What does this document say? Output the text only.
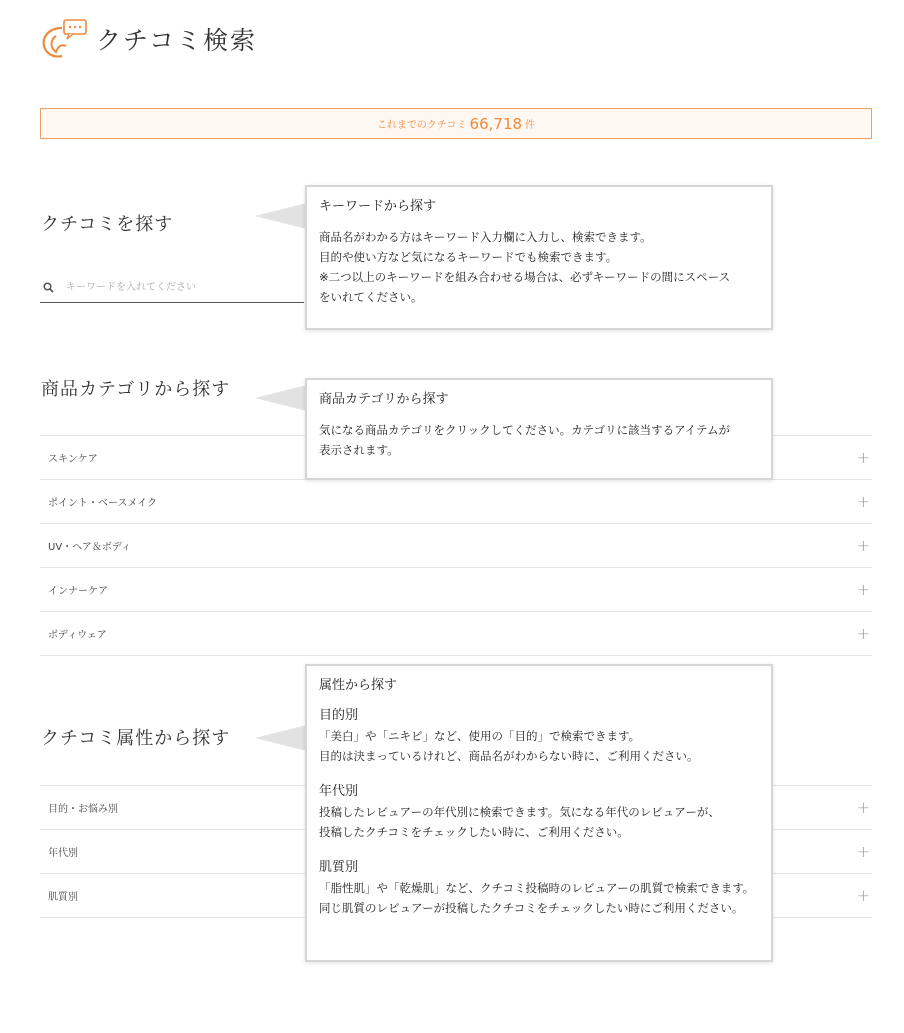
クチコミ検索
これまでのクチコミ 66,718 件
クチコミを探す
キーワードを入れてください
商品カテゴリから探す
スキンケア	+
ポイント・ベースメイク	+
UV・ヘア＆ボディ	+
インナーケア	+
ボディウェア	+
クチコミ属性から探す
目的・お悩み別	+
年代別	+
肌質別	+
キーワードから探す

商品名がわかる方はキーワード入力欄に入力し、検索できます。

目的や使い方など気になるキーワードでも検索できます。

※二つ以上のキーワードを組み合わせる場合は、必ずキーワードの間にスペース

をいれてください。

商品カテゴリから探す

気になる商品カテゴリをクリックしてください。カテゴリに該当するアイテムが

表示されます。

属性から探す
目的別

「美白」や「ニキビ」など、使用の「目的」で検索できます。

目的は決まっているけれど、商品名がわからない時に、ご利用ください。

年代別

投稿したレビュアーの年代別に検索できます。気になる年代のレビュアーが、

投稿したクチコミをチェックしたい時に、ご利用ください。

肌質別

「脂性肌」や「乾燥肌」など、クチコミ投稿時のレビュアーの肌質で検索できます。

同じ肌質のレビュアーが投稿したクチコミをチェックしたい時にご利用ください。
